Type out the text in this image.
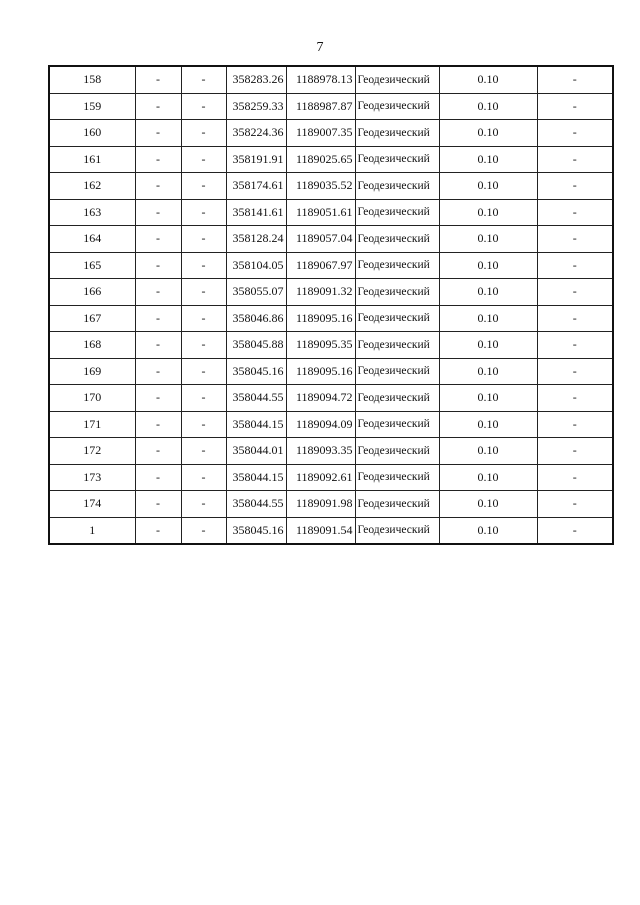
7
158	-	-	358283.26	1188978.13	Геодезический	0.10	-
159	-	-	358259.33	1188987.87	Геодезический	0.10	-
160	-	-	358224.36	1189007.35	Геодезический	0.10	-
161	-	-	358191.91	1189025.65	Геодезический	0.10	-
162	-	-	358174.61	1189035.52	Геодезический	0.10	-
163	-	-	358141.61	1189051.61	Геодезический	0.10	-
164	-	-	358128.24	1189057.04	Геодезический	0.10	-
165	-	-	358104.05	1189067.97	Геодезический	0.10	-
166	-	-	358055.07	1189091.32	Геодезический	0.10	-
167	-	-	358046.86	1189095.16	Геодезический	0.10	-
168	-	-	358045.88	1189095.35	Геодезический	0.10	-
169	-	-	358045.16	1189095.16	Геодезический	0.10	-
170	-	-	358044.55	1189094.72	Геодезический	0.10	-
171	-	-	358044.15	1189094.09	Геодезический	0.10	-
172	-	-	358044.01	1189093.35	Геодезический	0.10	-
173	-	-	358044.15	1189092.61	Геодезический	0.10	-
174	-	-	358044.55	1189091.98	Геодезический	0.10	-
1	-	-	358045.16	1189091.54	Геодезический	0.10	-
